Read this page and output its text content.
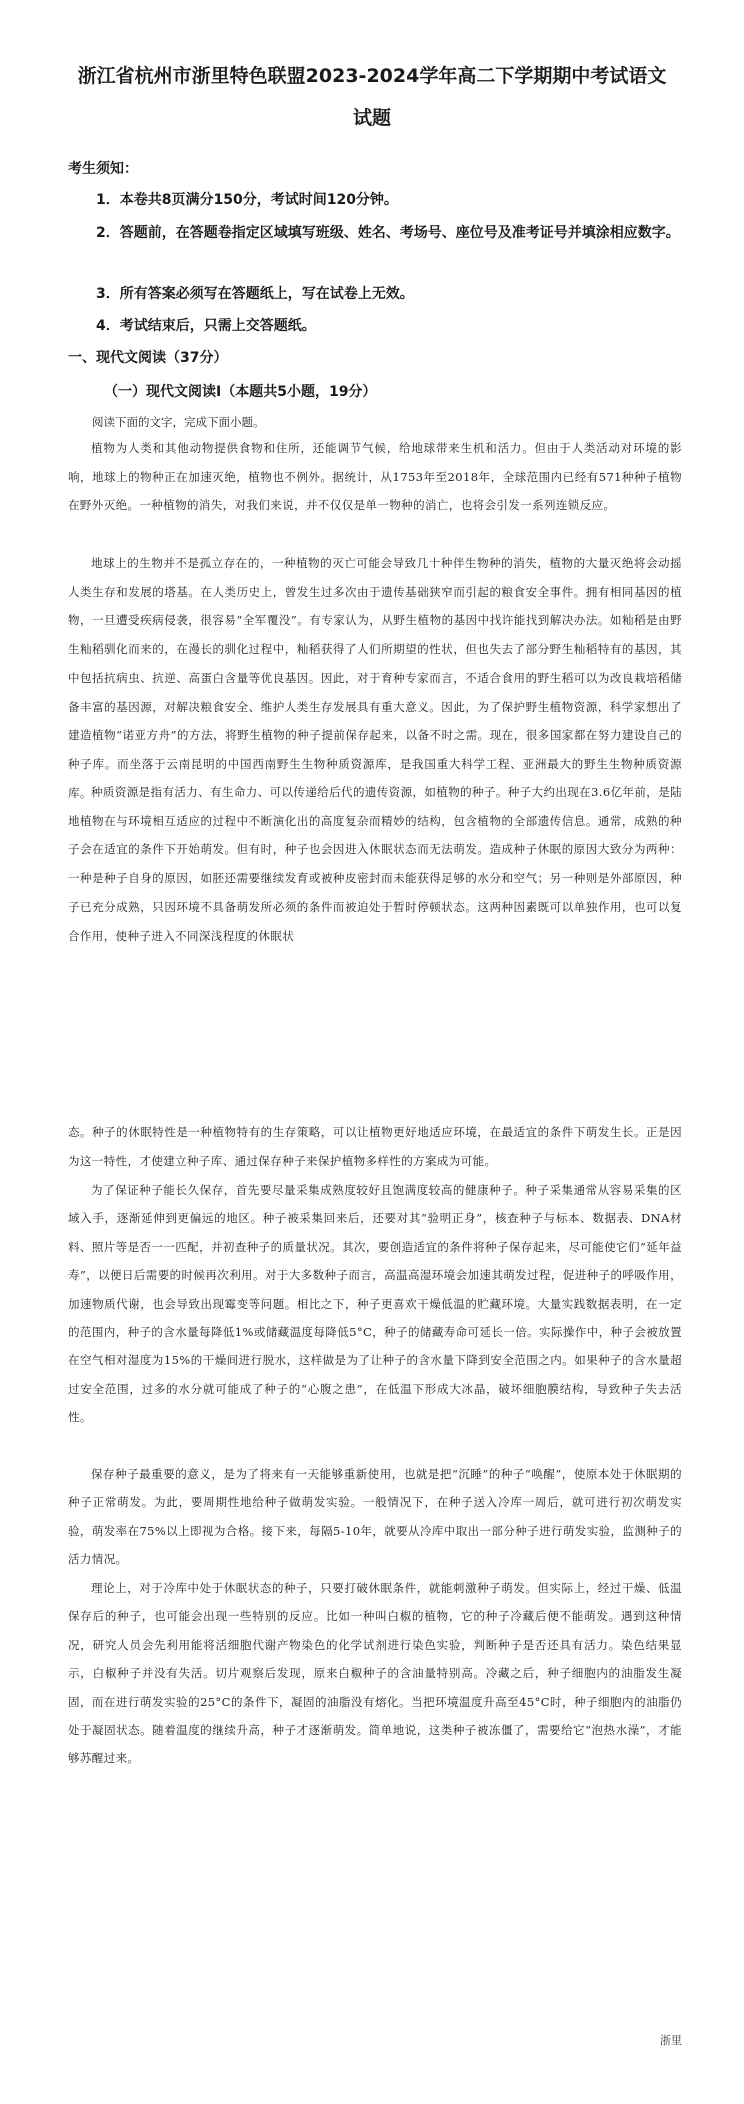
浙江省杭州市浙里特色联盟2023-2024学年高二下学期期中考试语文
试题

考生须知：

1．本卷共8页满分150分，考试时间120分钟。

2．答题前，在答题卷指定区域填写班级、姓名、考场号、座位号及准考证号并填涂相应数字。

3．所有答案必须写在答题纸上，写在试卷上无效。

4．考试结束后，只需上交答题纸。

一、现代文阅读（37分）

（一）现代文阅读Ⅰ（本题共5小题，19分）

阅读下面的文字，完成下面小题。

植物为人类和其他动物提供食物和住所，还能调节气候，给地球带来生机和活力。但由于人类活动对环境的影响，地球上的物种正在加速灭绝，植物也不例外。据统计，从1753年至2018年，全球范围内已经有571种种子植物在野外灭绝。一种植物的消失，对我们来说，并不仅仅是单一物种的消亡，也将会引发一系列连锁反应。

地球上的生物并不是孤立存在的，一种植物的灭亡可能会导致几十种伴生物种的消失，植物的大量灭绝将会动摇人类生存和发展的塔基。在人类历史上，曾发生过多次由于遗传基础狭窄而引起的粮食安全事件。拥有相同基因的植物，一旦遭受疾病侵袭，很容易“全军覆没”。有专家认为，从野生植物的基因中找许能找到解决办法。如籼稻是由野生籼稻驯化而来的，在漫长的驯化过程中，籼稻获得了人们所期望的性状，但也失去了部分野生籼稻特有的基因，其中包括抗病虫、抗逆、高蛋白含量等优良基因。因此，对于育种专家而言，不适合食用的野生稻可以为改良栽培稻储备丰富的基因源，对解决粮食安全、维护人类生存发展具有重大意义。因此，为了保护野生植物资源，科学家想出了建造植物“诺亚方舟”的方法，将野生植物的种子提前保存起来，以备不时之需。现在，很多国家都在努力建设自己的种子库。而坐落于云南昆明的中国西南野生生物种质资源库，是我国重大科学工程、亚洲最大的野生生物种质资源库。 种质资源是指有活力、有生命力、可以传递给后代的遗传资源，如植物的种子。种子大约出现在3.6亿年前，是陆地植物在与环境相互适应的过程中不断演化出的高度复杂而精妙的结构，包含植物的全部遗传信息。通常，成熟的种子会在适宜的条件下开始萌发。但有时，种子也会因进入休眠状态而无法萌发。造成种子休眠的原因大致分为两种：一种是种子自身的原因，如胚还需要继续发育或被种皮密封而未能获得足够的水分和空气；另一种则是外部原因，种子已充分成熟，只因环境不具备萌发所必须的条件而被迫处于暂时停顿状态。这两种因素既可以单独作用，也可以复合作用，使种子进入不同深浅程度的休眠状

态。种子的休眠特性是一种植物特有的生存策略，可以让植物更好地适应环境，在最适宜的条件下萌发生长。正是因为这一特性，才使建立种子库、通过保存种子来保护植物多样性的方案成为可能。

为了保证种子能长久保存，首先要尽量采集成熟度较好且饱满度较高的健康种子。种子采集通常从容易采集的区域入手，逐渐延伸到更偏远的地区。种子被采集回来后，还要对其“验明正身”，核查种子与标本、数据表、DNA材料、照片等是否一一匹配，并初查种子的质量状况。其次，要创造适宜的条件将种子保存起来，尽可能使它们“延年益寿”，以便日后需要的时候再次利用。对于大多数种子而言，高温高湿环境会加速其萌发过程，促进种子的呼吸作用，加速物质代谢，也会导致出现霉变等问题。相比之下，种子更喜欢干燥低温的贮藏环境。大量实践数据表明，在一定的范围内，种子的含水量每降低1%或储藏温度每降低5°C，种子的储藏寿命可延长一倍。实际操作中，种子会被放置在空气相对湿度为15%的干燥间进行脱水，这样做是为了让种子的含水量下降到安全范围之内。如果种子的含水量超过安全范围，过多的水分就可能成了种子的“心腹之患”，在低温下形成大冰晶，破坏细胞膜结构，导致种子失去活性。

保存种子最重要的意义，是为了将来有一天能够重新使用，也就是把“沉睡”的种子“唤醒”，使原本处于休眠期的种子正常萌发。为此，要周期性地给种子做萌发实验。一般情况下，在种子送入冷库一周后，就可进行初次萌发实验，萌发率在75%以上即视为合格。接下来，每隔5-10年，就要从冷库中取出一部分种子进行萌发实验，监测种子的活力情况。

理论上，对于冷库中处于休眠状态的种子，只要打破休眠条件，就能刺激种子萌发。但实际上，经过干燥、低温保存后的种子，也可能会出现一些特别的反应。比如一种叫白椒的植物，它的种子冷藏后便不能萌发。遇到这种情况，研究人员会先利用能将活细胞代谢产物染色的化学试剂进行染色实验，判断种子是否还具有活力。染色结果显示，白椒种子并没有失活。切片观察后发现，原来白椒种子的含油量特别高。冷藏之后，种子细胞内的油脂发生凝固，而在进行萌发实验的25°C的条件下，凝固的油脂没有熔化。当把环境温度升高至45°C时，种子细胞内的油脂仍处于凝固状态。随着温度的继续升高，种子才逐渐萌发。简单地说，这类种子被冻僵了，需要给它“泡热水澡”，才能够苏醒过来。

浙里
